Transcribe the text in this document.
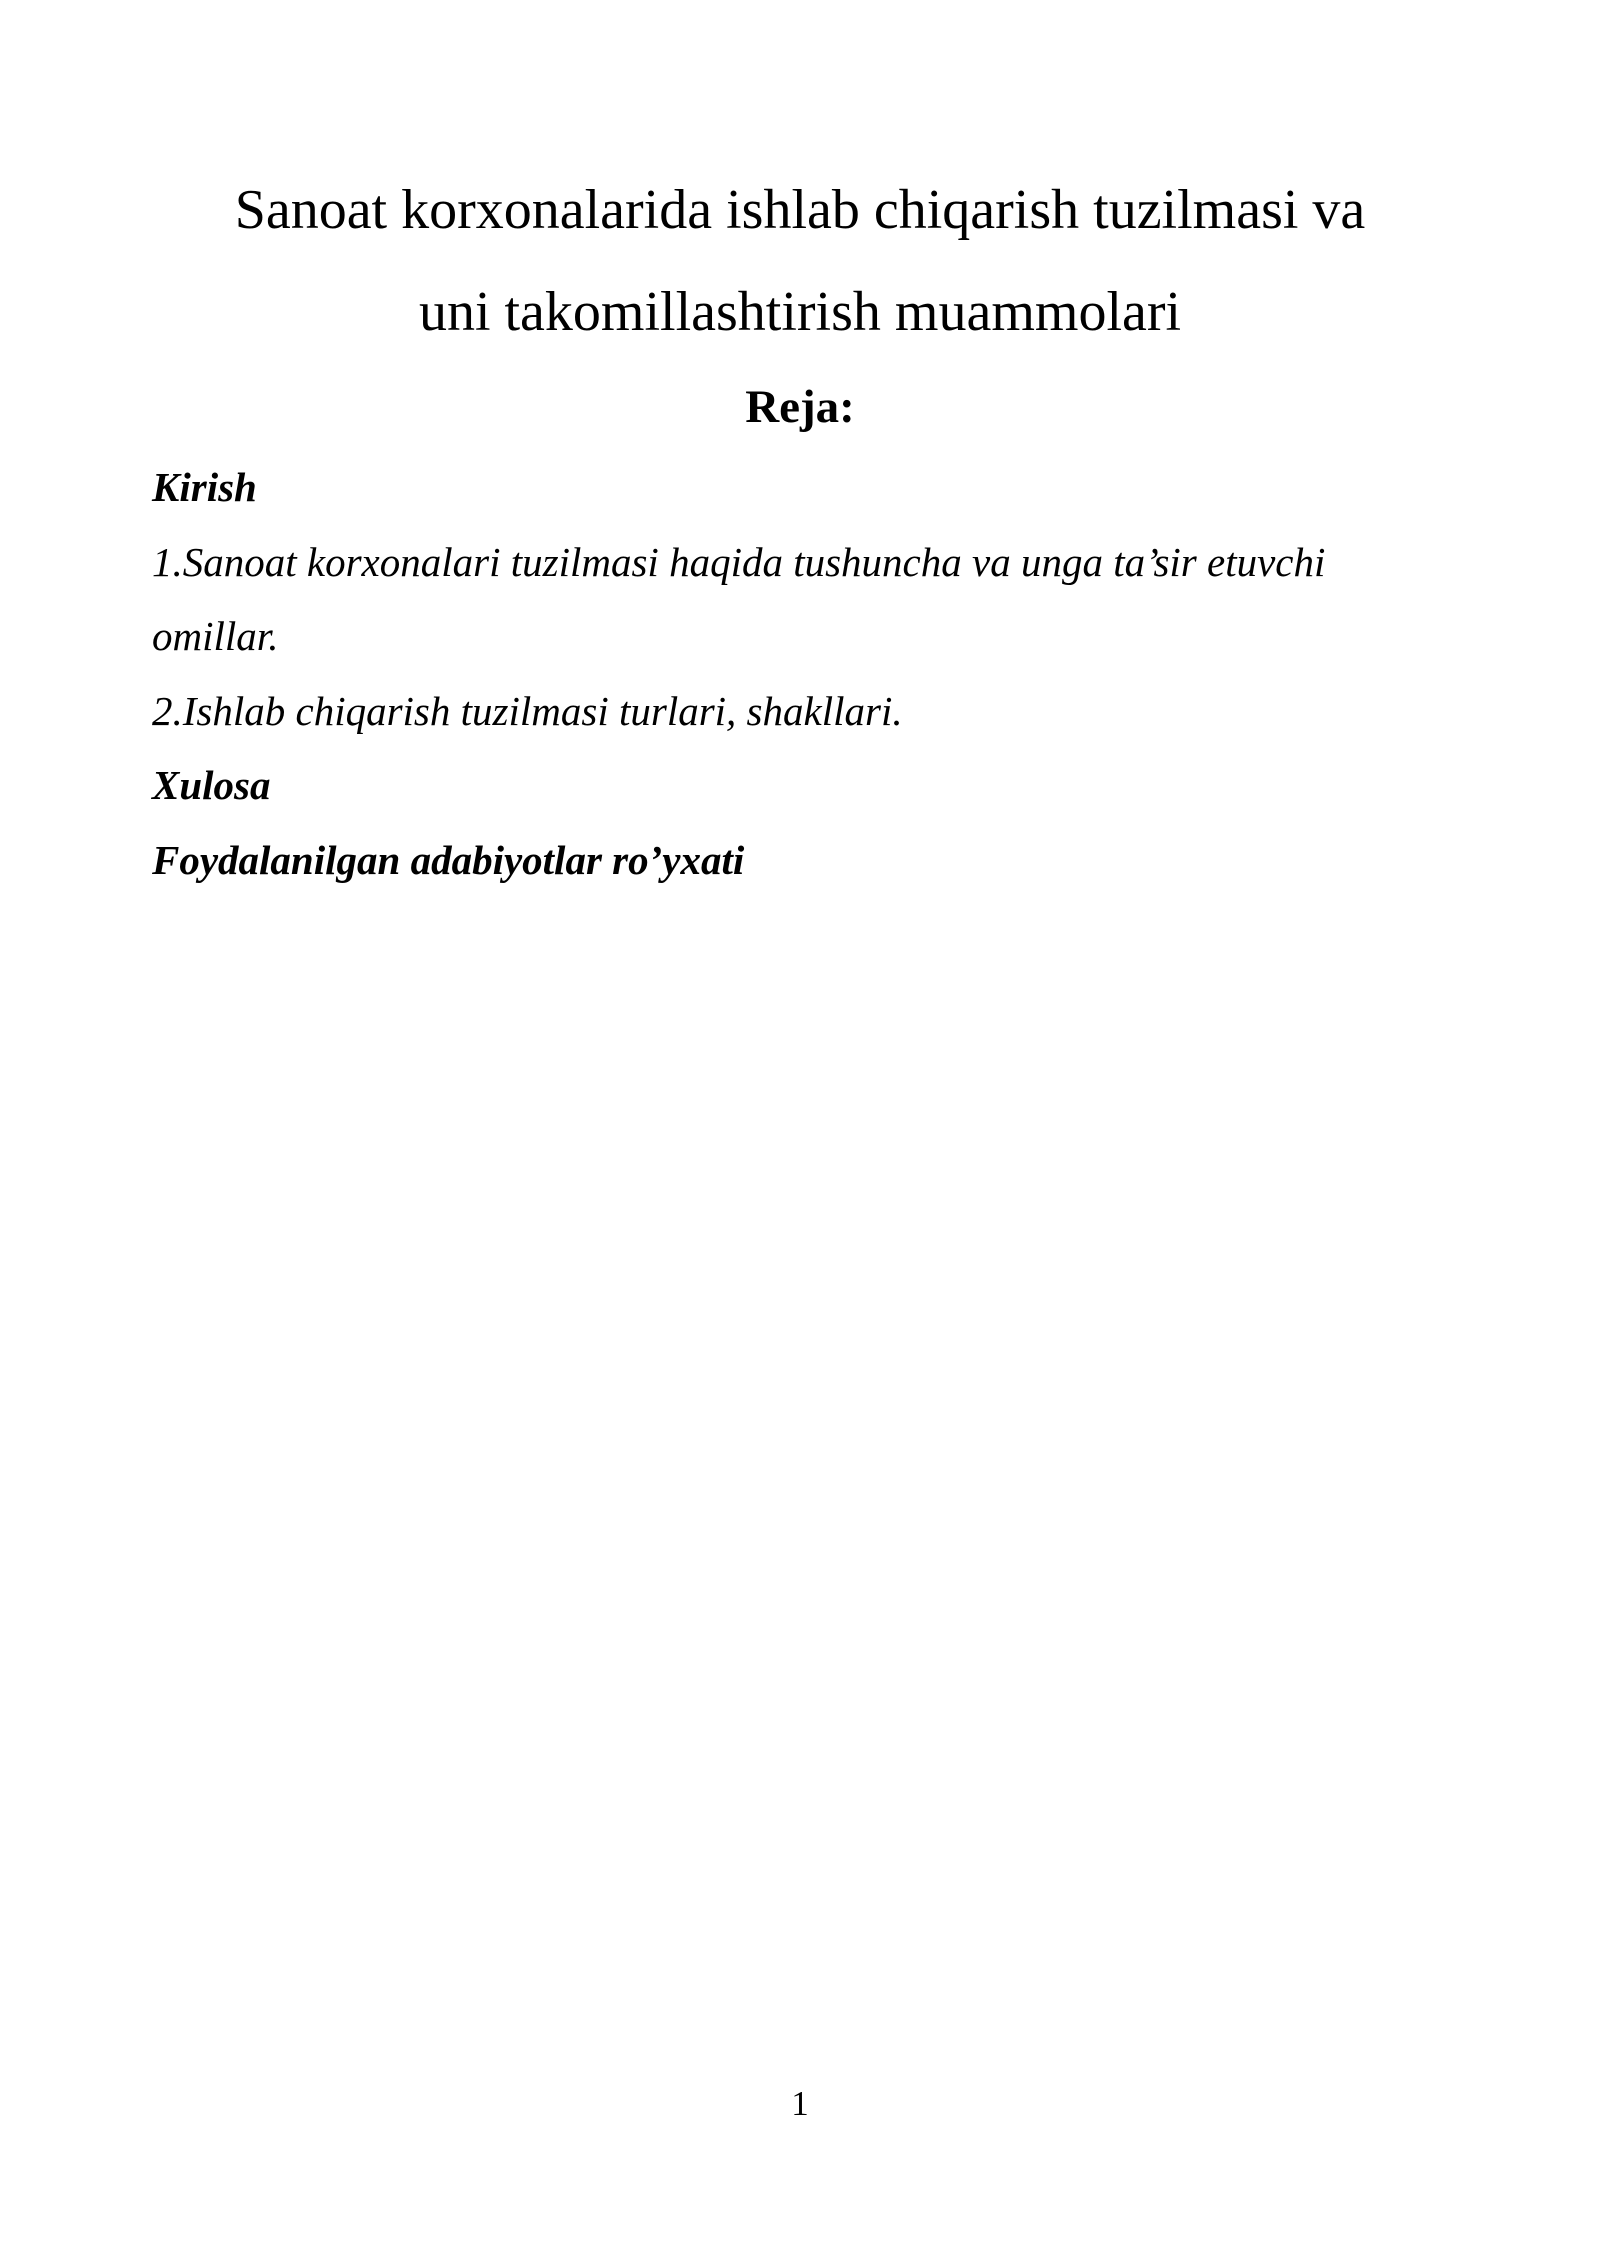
Sanoat korxonalarida ishlab chiqarish tuzilmasi va
uni takomillashtirish muammolari
Reja:
Kirish
1.Sanoat korxonalari tuzilmasi haqida tushuncha va unga ta’sir etuvchi
omillar.
2.Ishlab chiqarish tuzilmasi turlari, shakllari.
Xulosa
Foydalanilgan adabiyotlar ro’yxati
1
